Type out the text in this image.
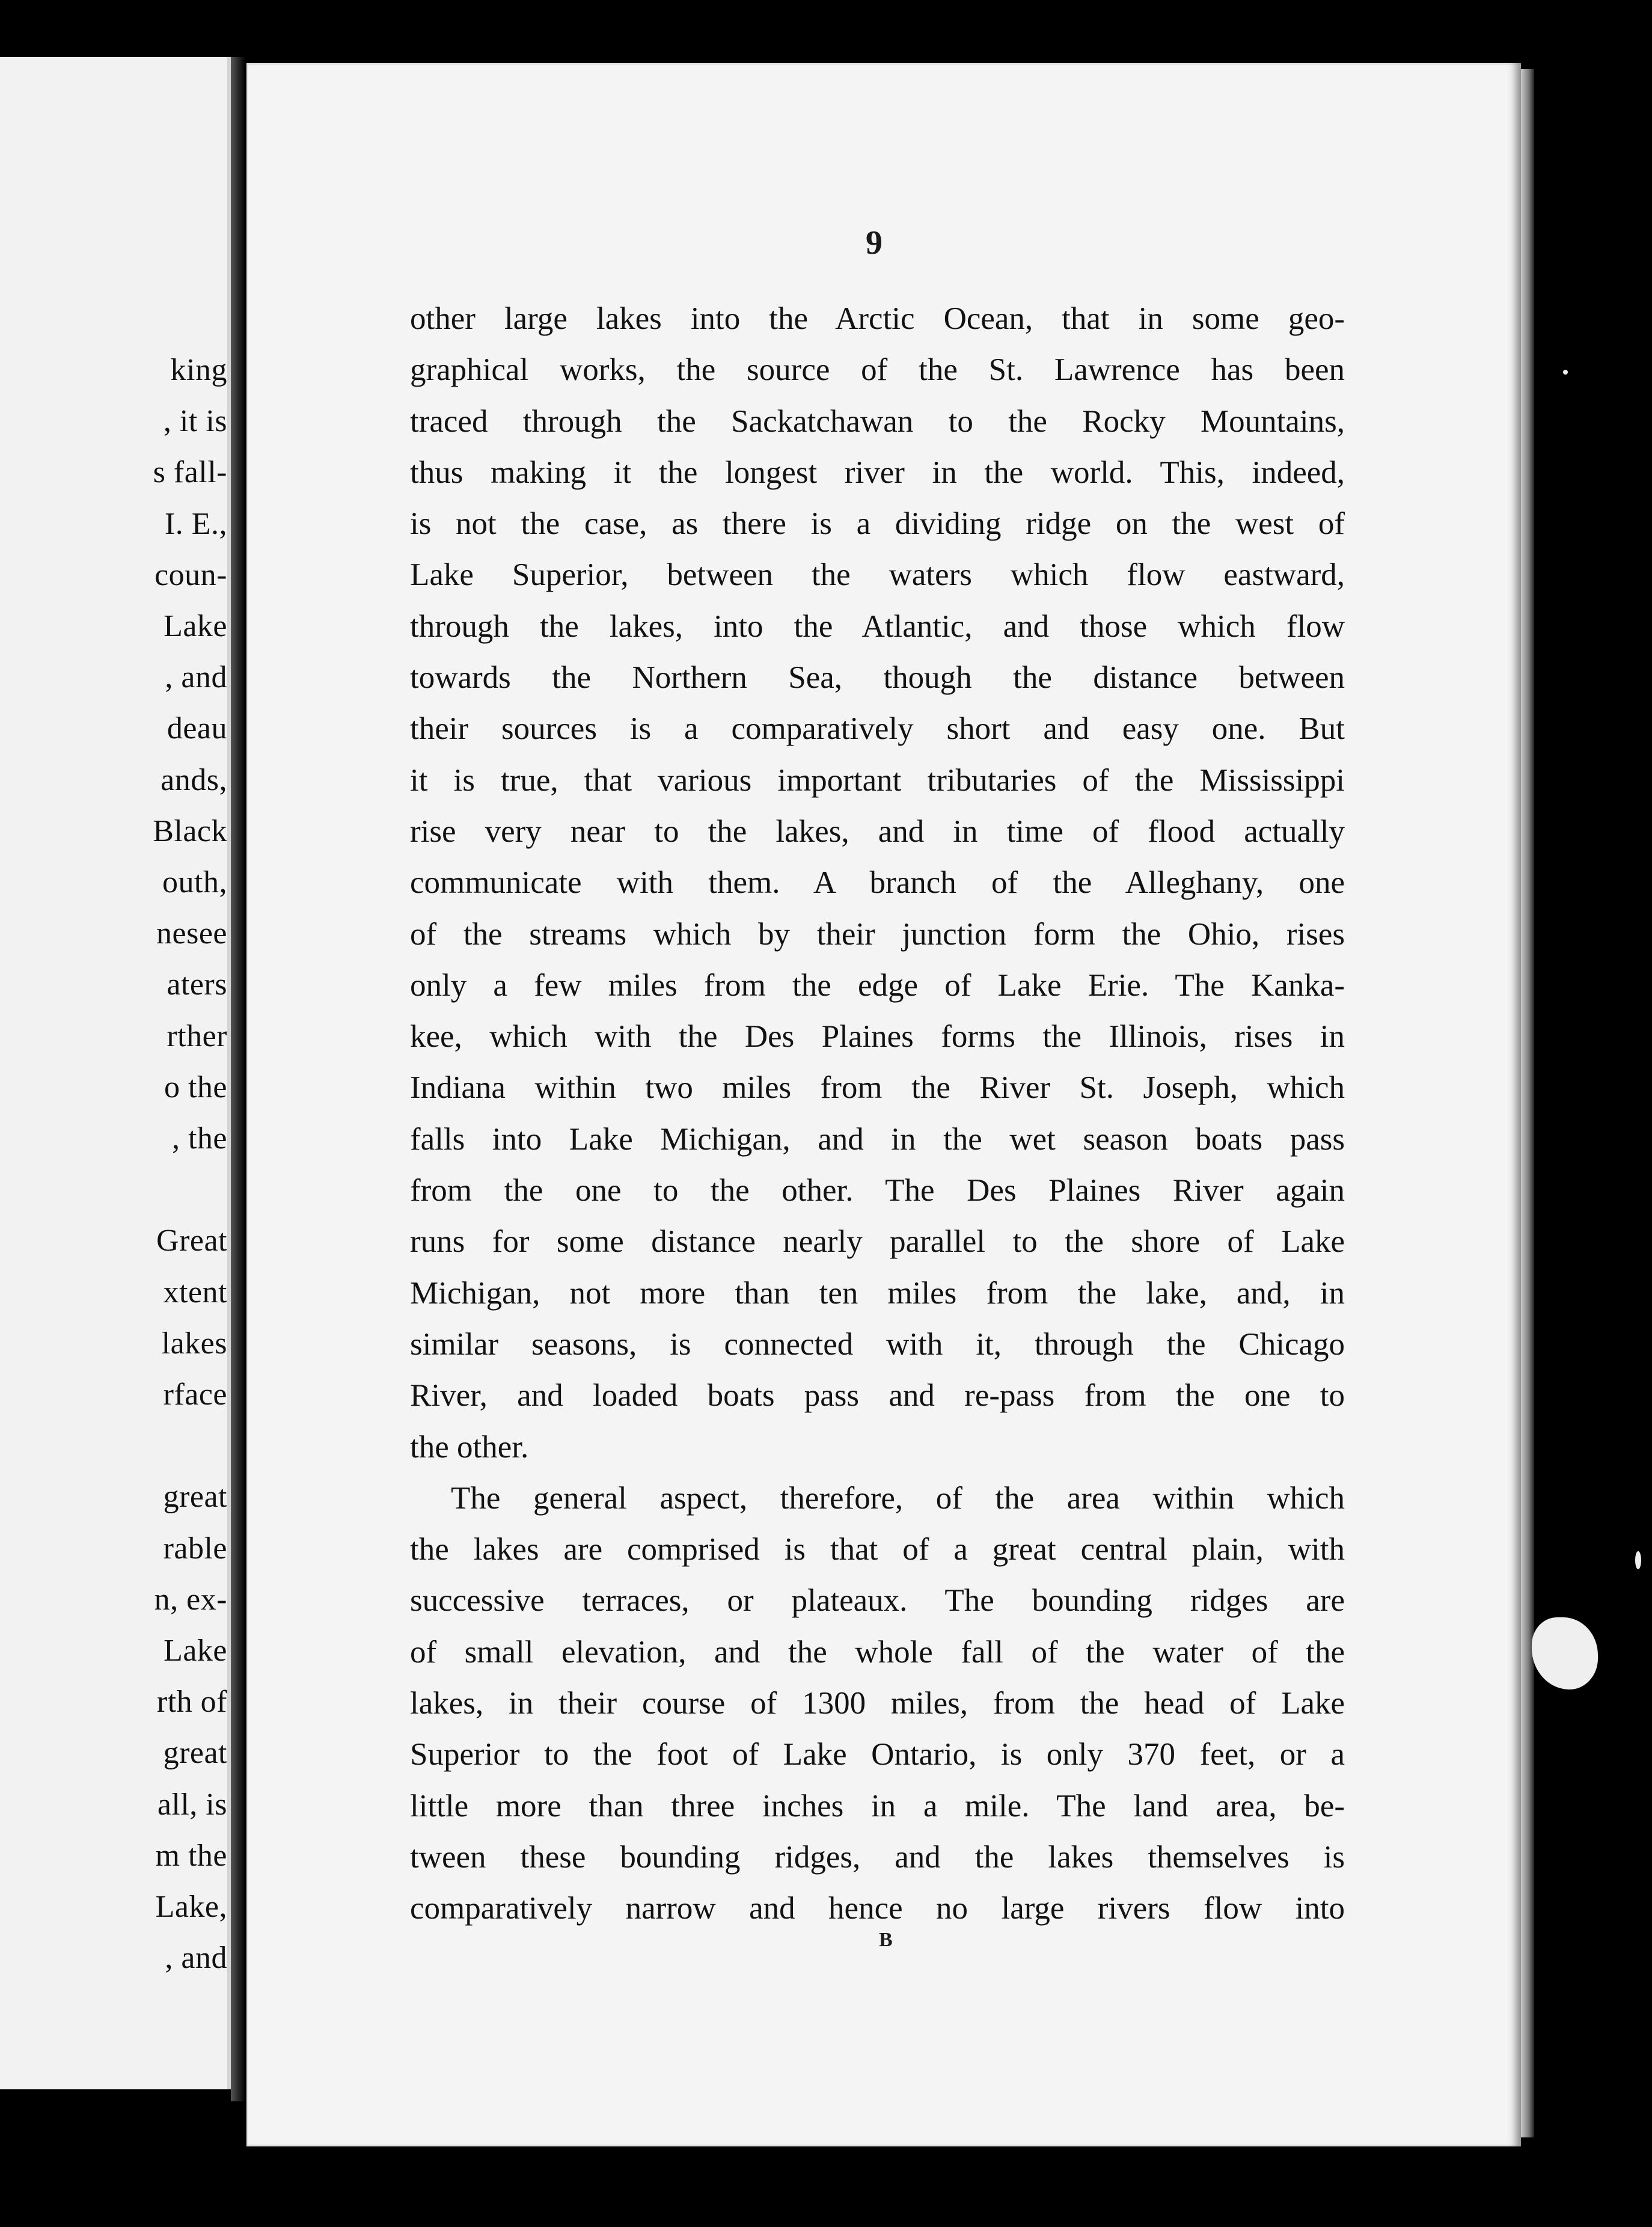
king
, it is
s fall-
I. E.,
coun-
Lake
, and
deau
ands,
Black
outh,
nesee
aters
rther
o the
, the
Great
xtent
lakes
rface
great
rable
n, ex-
Lake
rth of
great
all, is
m the
Lake,
, and
9
other large lakes into the Arctic Ocean, that in some geo-
graphical works, the source of the St. Lawrence has been
traced through the Sackatchawan to the Rocky Mountains,
thus making it the longest river in the world. This, indeed,
is not the case, as there is a dividing ridge on the west of
Lake Superior, between the waters which flow eastward,
through the lakes, into the Atlantic, and those which flow
towards the Northern Sea, though the distance between
their sources is a comparatively short and easy one. But
it is true, that various important tributaries of the Mississippi
rise very near to the lakes, and in time of flood actually
communicate with them. A branch of the Alleghany, one
of the streams which by their junction form the Ohio, rises
only a few miles from the edge of Lake Erie. The Kanka-
kee, which with the Des Plaines forms the Illinois, rises in
Indiana within two miles from the River St. Joseph, which
falls into Lake Michigan, and in the wet season boats pass
from the one to the other. The Des Plaines River again
runs for some distance nearly parallel to the shore of Lake
Michigan, not more than ten miles from the lake, and, in
similar seasons, is connected with it, through the Chicago
River, and loaded boats pass and re-pass from the one to
the other.
The general aspect, therefore, of the area within which
the lakes are comprised is that of a great central plain, with
successive terraces, or plateaux. The bounding ridges are
of small elevation, and the whole fall of the water of the
lakes, in their course of 1300 miles, from the head of Lake
Superior to the foot of Lake Ontario, is only 370 feet, or a
little more than three inches in a mile. The land area, be-
tween these bounding ridges, and the lakes themselves is
comparatively narrow and hence no large rivers flow into
B
